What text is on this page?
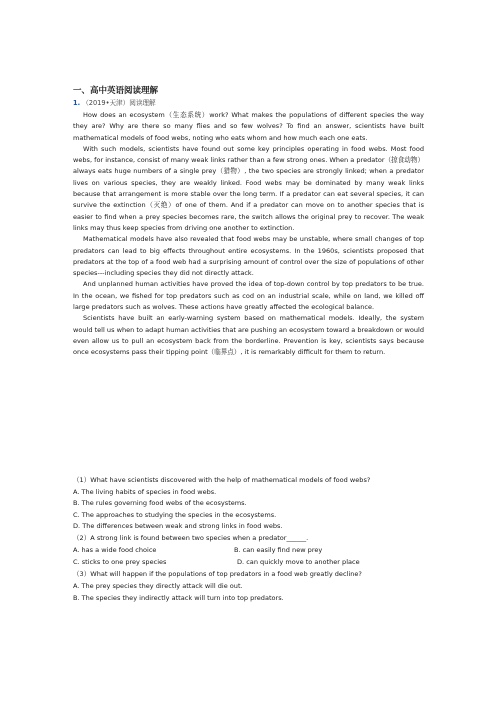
一、高中英语阅读理解
1. （2019•天津）阅读理解

How does an ecosystem（生态系统）work? What makes the populations of different species the way they are? Why are there so many flies and so few wolves? To find an answer, scientists have built mathematical models of food webs, noting who eats whom and how much each one eats.

With such models, scientists have found out some key principles operating in food webs. Most food webs, for instance, consist of many weak links rather than a few strong ones. When a predator（掠食动物）always eats huge numbers of a single prey（猎物）, the two species are strongly linked; when a predator lives on various species, they are weakly linked. Food webs may be dominated by many weak links because that arrangement is more stable over the long term. If a predator can eat several species, it can survive the extinction（灭绝）of one of them. And if a predator can move on to another species that is easier to find when a prey species becomes rare, the switch allows the original prey to recover. The weak links may thus keep species from driving one another to extinction.

Mathematical models have also revealed that food webs may be unstable, where small changes of top predators can lead to big effects throughout entire ecosystems. In the 1960s, scientists proposed that predators at the top of a food web had a surprising amount of control over the size of populations of other species---including species they did not directly attack.

And unplanned human activities have proved the idea of top-down control by top predators to be true. In the ocean, we fished for top predators such as cod on an industrial scale, while on land, we killed off large predators such as wolves. These actions have greatly affected the ecological balance.

Scientists have built an early-warning system based on mathematical models. Ideally, the system would tell us when to adapt human activities that are pushing an ecosystem toward a breakdown or would even allow us to pull an ecosystem back from the borderline. Prevention is key, scientists says because once ecosystems pass their tipping point（临界点）, it is remarkably difficult for them to return.

（1）What have scientists discovered with the help of mathematical models of food webs?
A. The living habits of species in food webs.
B. The rules governing food webs of the ecosystems.
C. The approaches to studying the species in the ecosystems.
D. The differences between weak and strong links in food webs.
（2）A strong link is found between two species when a predator______.
A. has a wide food choice	B. can easily find new prey
C. sticks to one prey species	D. can quickly move to another place
（3）What will happen if the populations of top predators in a food web greatly decline?
A. The prey species they directly attack will die out.
B. The species they indirectly attack will turn into top predators.
